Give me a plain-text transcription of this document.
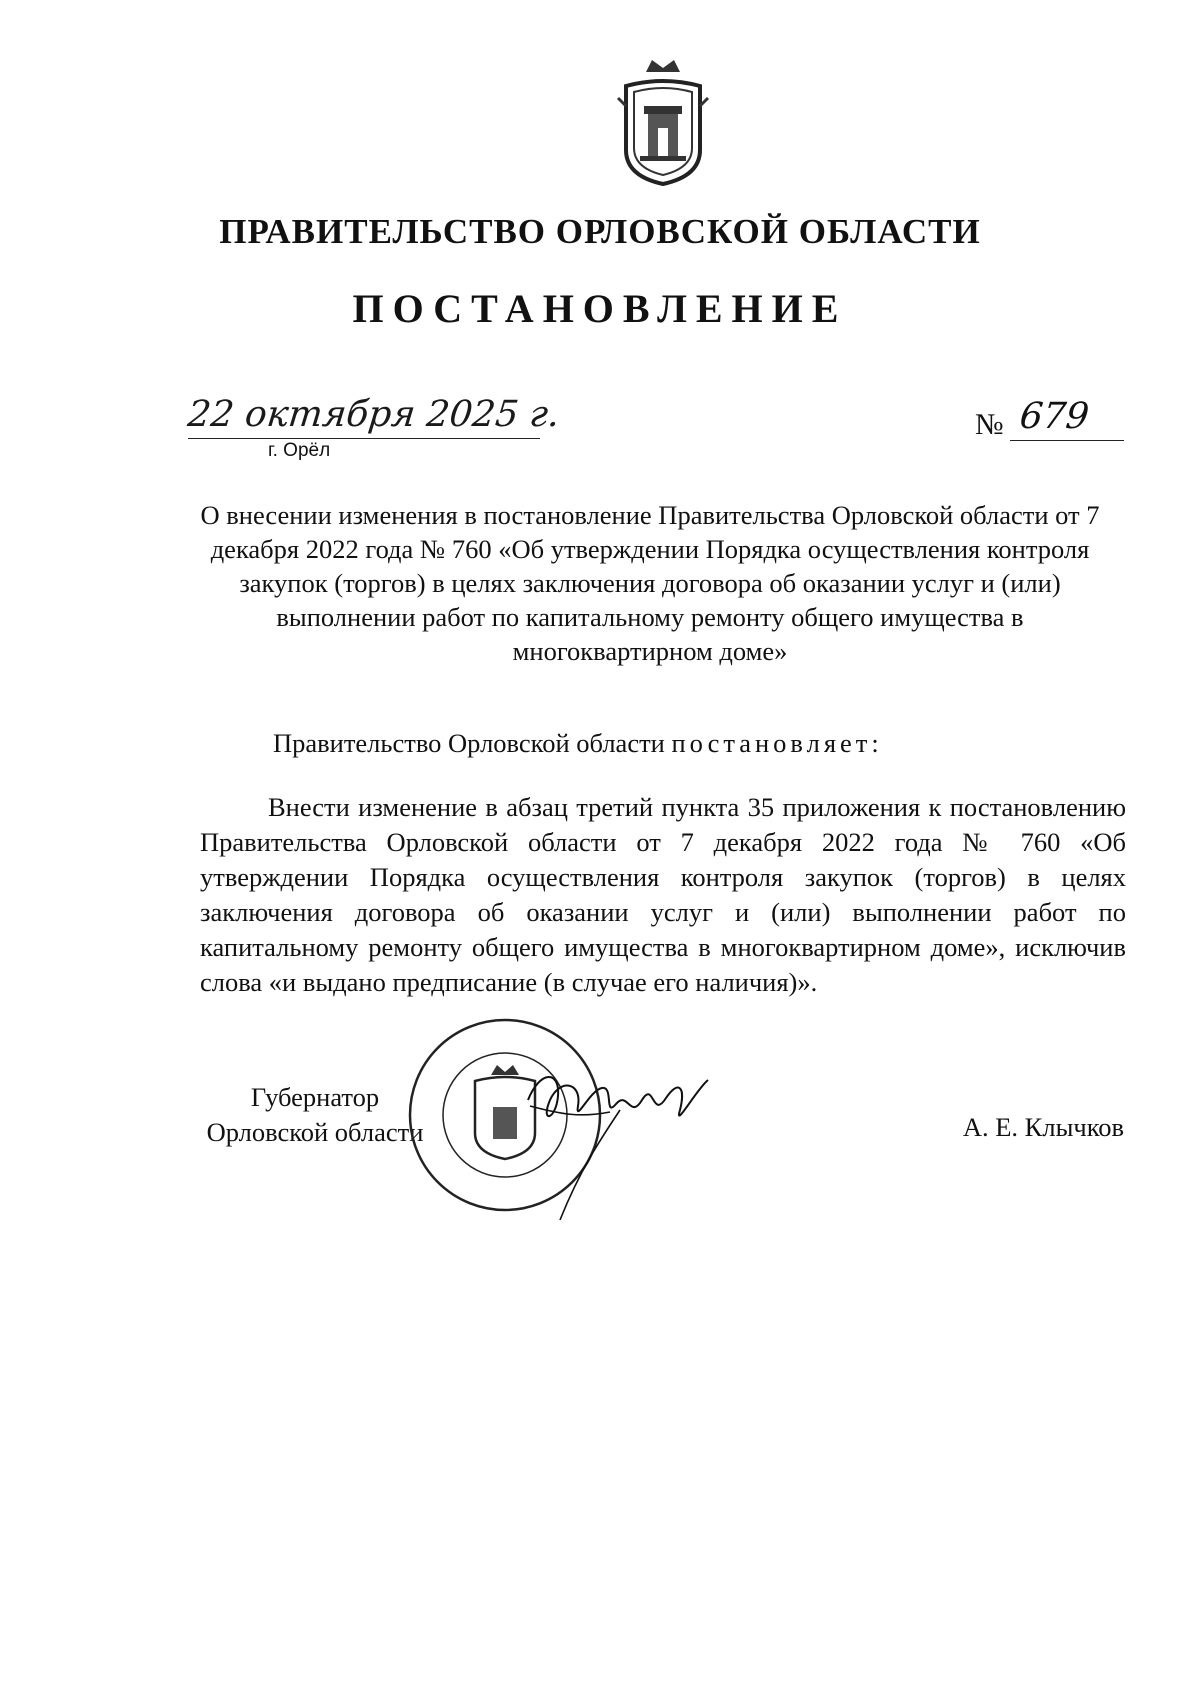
ПРАВИТЕЛЬСТВО ОРЛОВСКОЙ ОБЛАСТИ
ПОСТАНОВЛЕНИЕ
22 октября 2025 г.
г. Орёл
№ 679
О внесении изменения в постановление Правительства Орловской области от 7 декабря 2022 года № 760 «Об утверждении Порядка осуществления контроля закупок (торгов) в целях заключения договора об оказании услуг и (или) выполнении работ по капитальному ремонту общего имущества в многоквартирном доме»
Правительство Орловской области постановляет:
Внести изменение в абзац третий пункта 35 приложения к постановлению Правительства Орловской области от 7 декабря 2022 года № 760 «Об утверждении Порядка осуществления контроля закупок (торгов) в целях заключения договора об оказании услуг и (или) выполнении работ по капитальному ремонту общего имущества в многоквартирном доме», исключив слова «и выдано предписание (в случае его наличия)».
Губернатор
Орловской области	А. Е. Клычков
